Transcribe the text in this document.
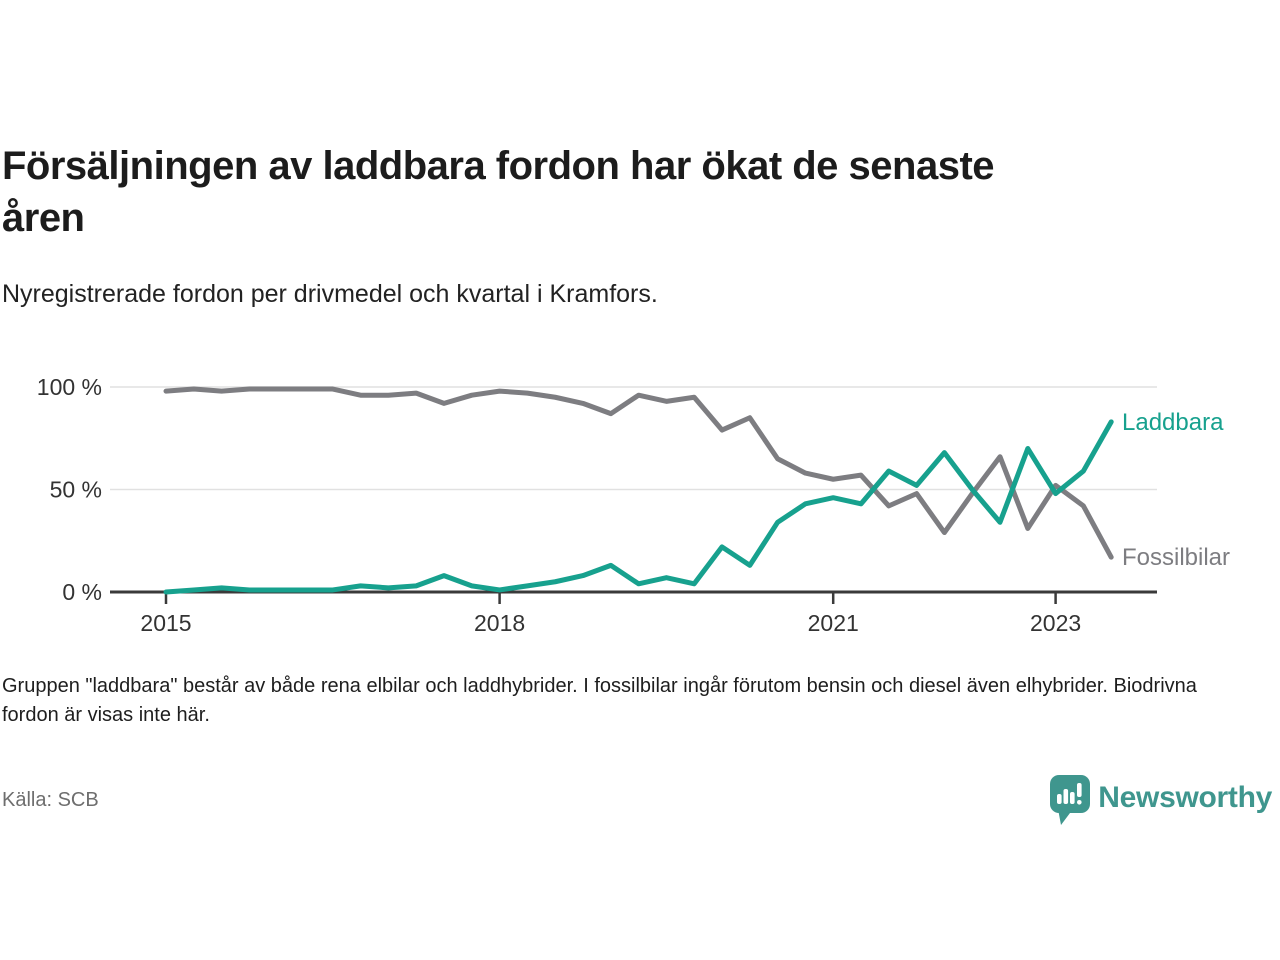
0 %
50 %
100 %
2015	2018	2021	2023
Fossilbilar
Laddbara
Försäljningen av laddbara fordon har ökat de senaste
åren
Nyregistrerade fordon per drivmedel och kvartal i Kramfors.
Gruppen "laddbara" består av både rena elbilar och laddhybrider. I fossilbilar ingår förutom bensin och diesel även elhybrider. Biodrivna fordon är visas inte här.
Källa: SCB	Newsworthy
